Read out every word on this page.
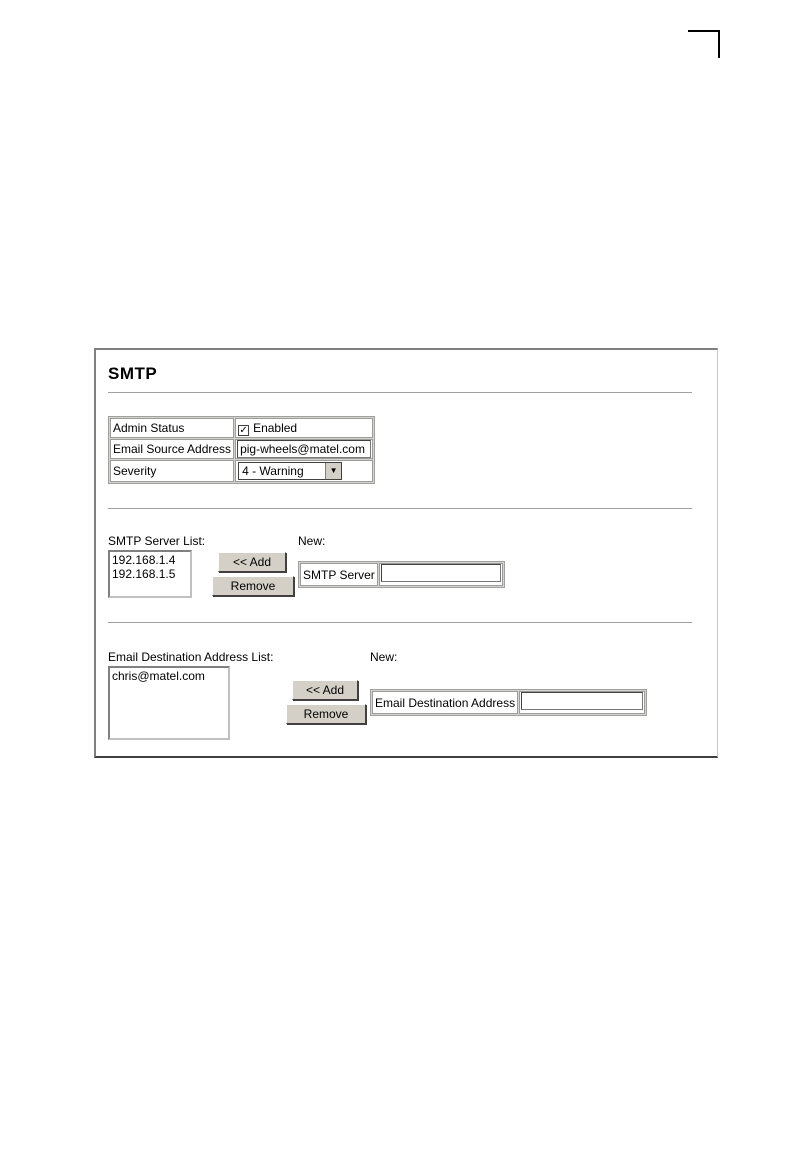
SMTP
Admin Status	✓ Enabled
Email Source Address	pig-wheels@matel.com
Severity	4 - Warning ▼
SMTP Server List:
192.168.1.4
192.168.1.5
New:
<< Add
Remove
SMTP Server	
Email Destination Address List:
chris@matel.com
New:
<< Add
Remove
Email Destination Address	
